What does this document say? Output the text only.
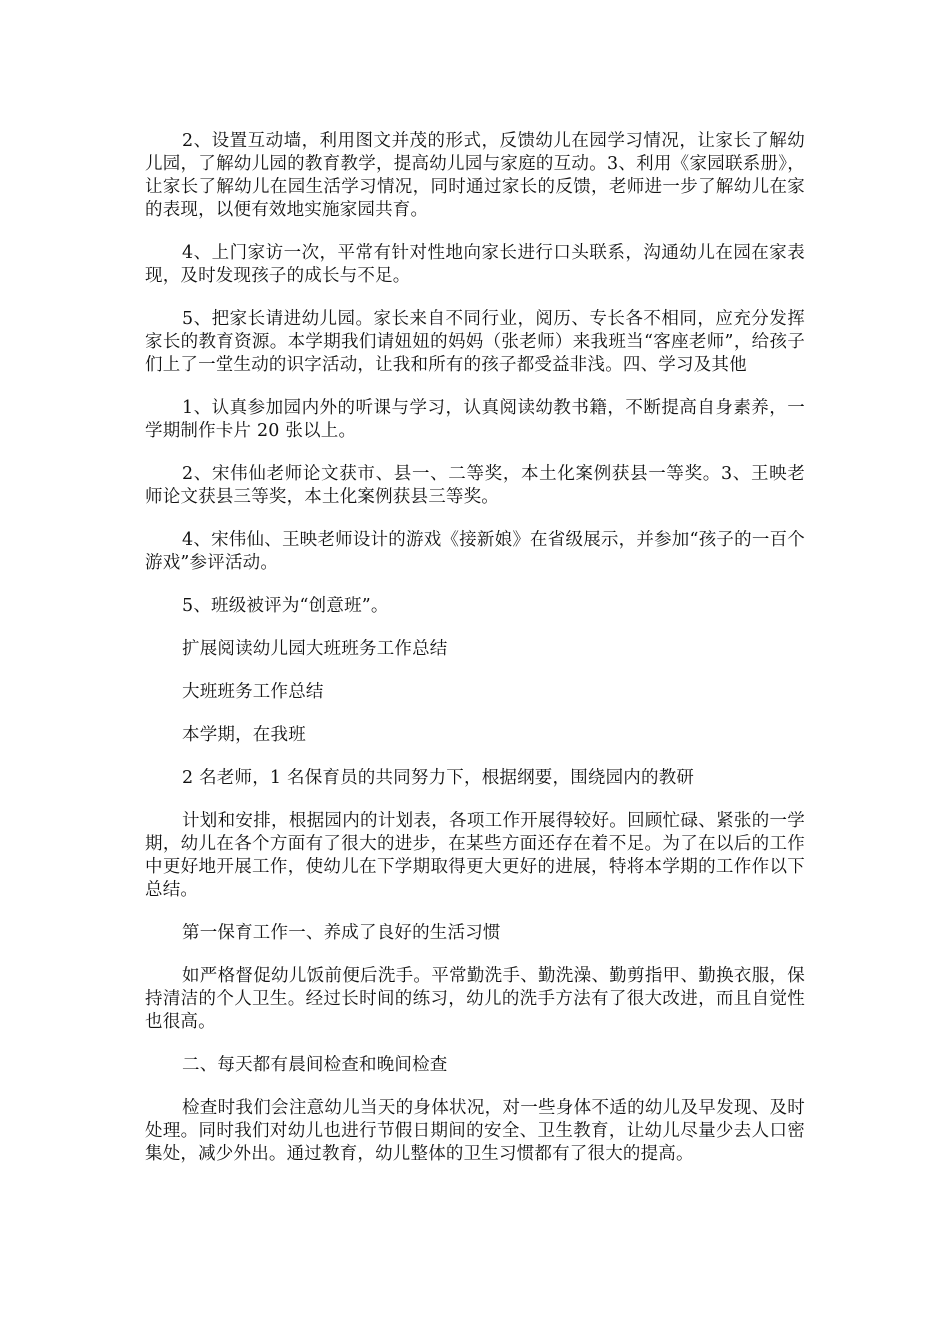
2、设置互动墙，利用图文并茂的形式，反馈幼儿在园学习情况，让家长了解幼儿园，了解幼儿园的教育教学，提高幼儿园与家庭的互动。3、利用《家园联系册》，让家长了解幼儿在园生活学习情况，同时通过家长的反馈，老师进一步了解幼儿在家的表现，以便有效地实施家园共育。

4、上门家访一次，平常有针对性地向家长进行口头联系，沟通幼儿在园在家表现，及时发现孩子的成长与不足。

5、把家长请进幼儿园。家长来自不同行业，阅历、专长各不相同，应充分发挥家长的教育资源。本学期我们请妞妞的妈妈（张老师）来我班当“客座老师”，给孩子们上了一堂生动的识字活动，让我和所有的孩子都受益非浅。四、学习及其他

1、认真参加园内外的听课与学习，认真阅读幼教书籍，不断提高自身素养，一学期制作卡片 20 张以上。

2、宋伟仙老师论文获市、县一、二等奖，本土化案例获县一等奖。3、王映老师论文获县三等奖，本土化案例获县三等奖。

4、宋伟仙、王映老师设计的游戏《接新娘》在省级展示，并参加“孩子的一百个游戏”参评活动。

5、班级被评为“创意班”。

扩展阅读幼儿园大班班务工作总结

大班班务工作总结

本学期，在我班

2 名老师，1 名保育员的共同努力下，根据纲要，围绕园内的教研

计划和安排，根据园内的计划表，各项工作开展得较好。回顾忙碌、紧张的一学期，幼儿在各个方面有了很大的进步，在某些方面还存在着不足。为了在以后的工作中更好地开展工作，使幼儿在下学期取得更大更好的进展，特将本学期的工作作以下总结。

第一保育工作一、养成了良好的生活习惯

如严格督促幼儿饭前便后洗手。平常勤洗手、勤洗澡、勤剪指甲、勤换衣服，保持清洁的个人卫生。经过长时间的练习，幼儿的洗手方法有了很大改进，而且自觉性也很高。

二、每天都有晨间检查和晚间检查

检查时我们会注意幼儿当天的身体状况，对一些身体不适的幼儿及早发现、及时处理。同时我们对幼儿也进行节假日期间的安全、卫生教育，让幼儿尽量少去人口密集处，减少外出。通过教育，幼儿整体的卫生习惯都有了很大的提高。
